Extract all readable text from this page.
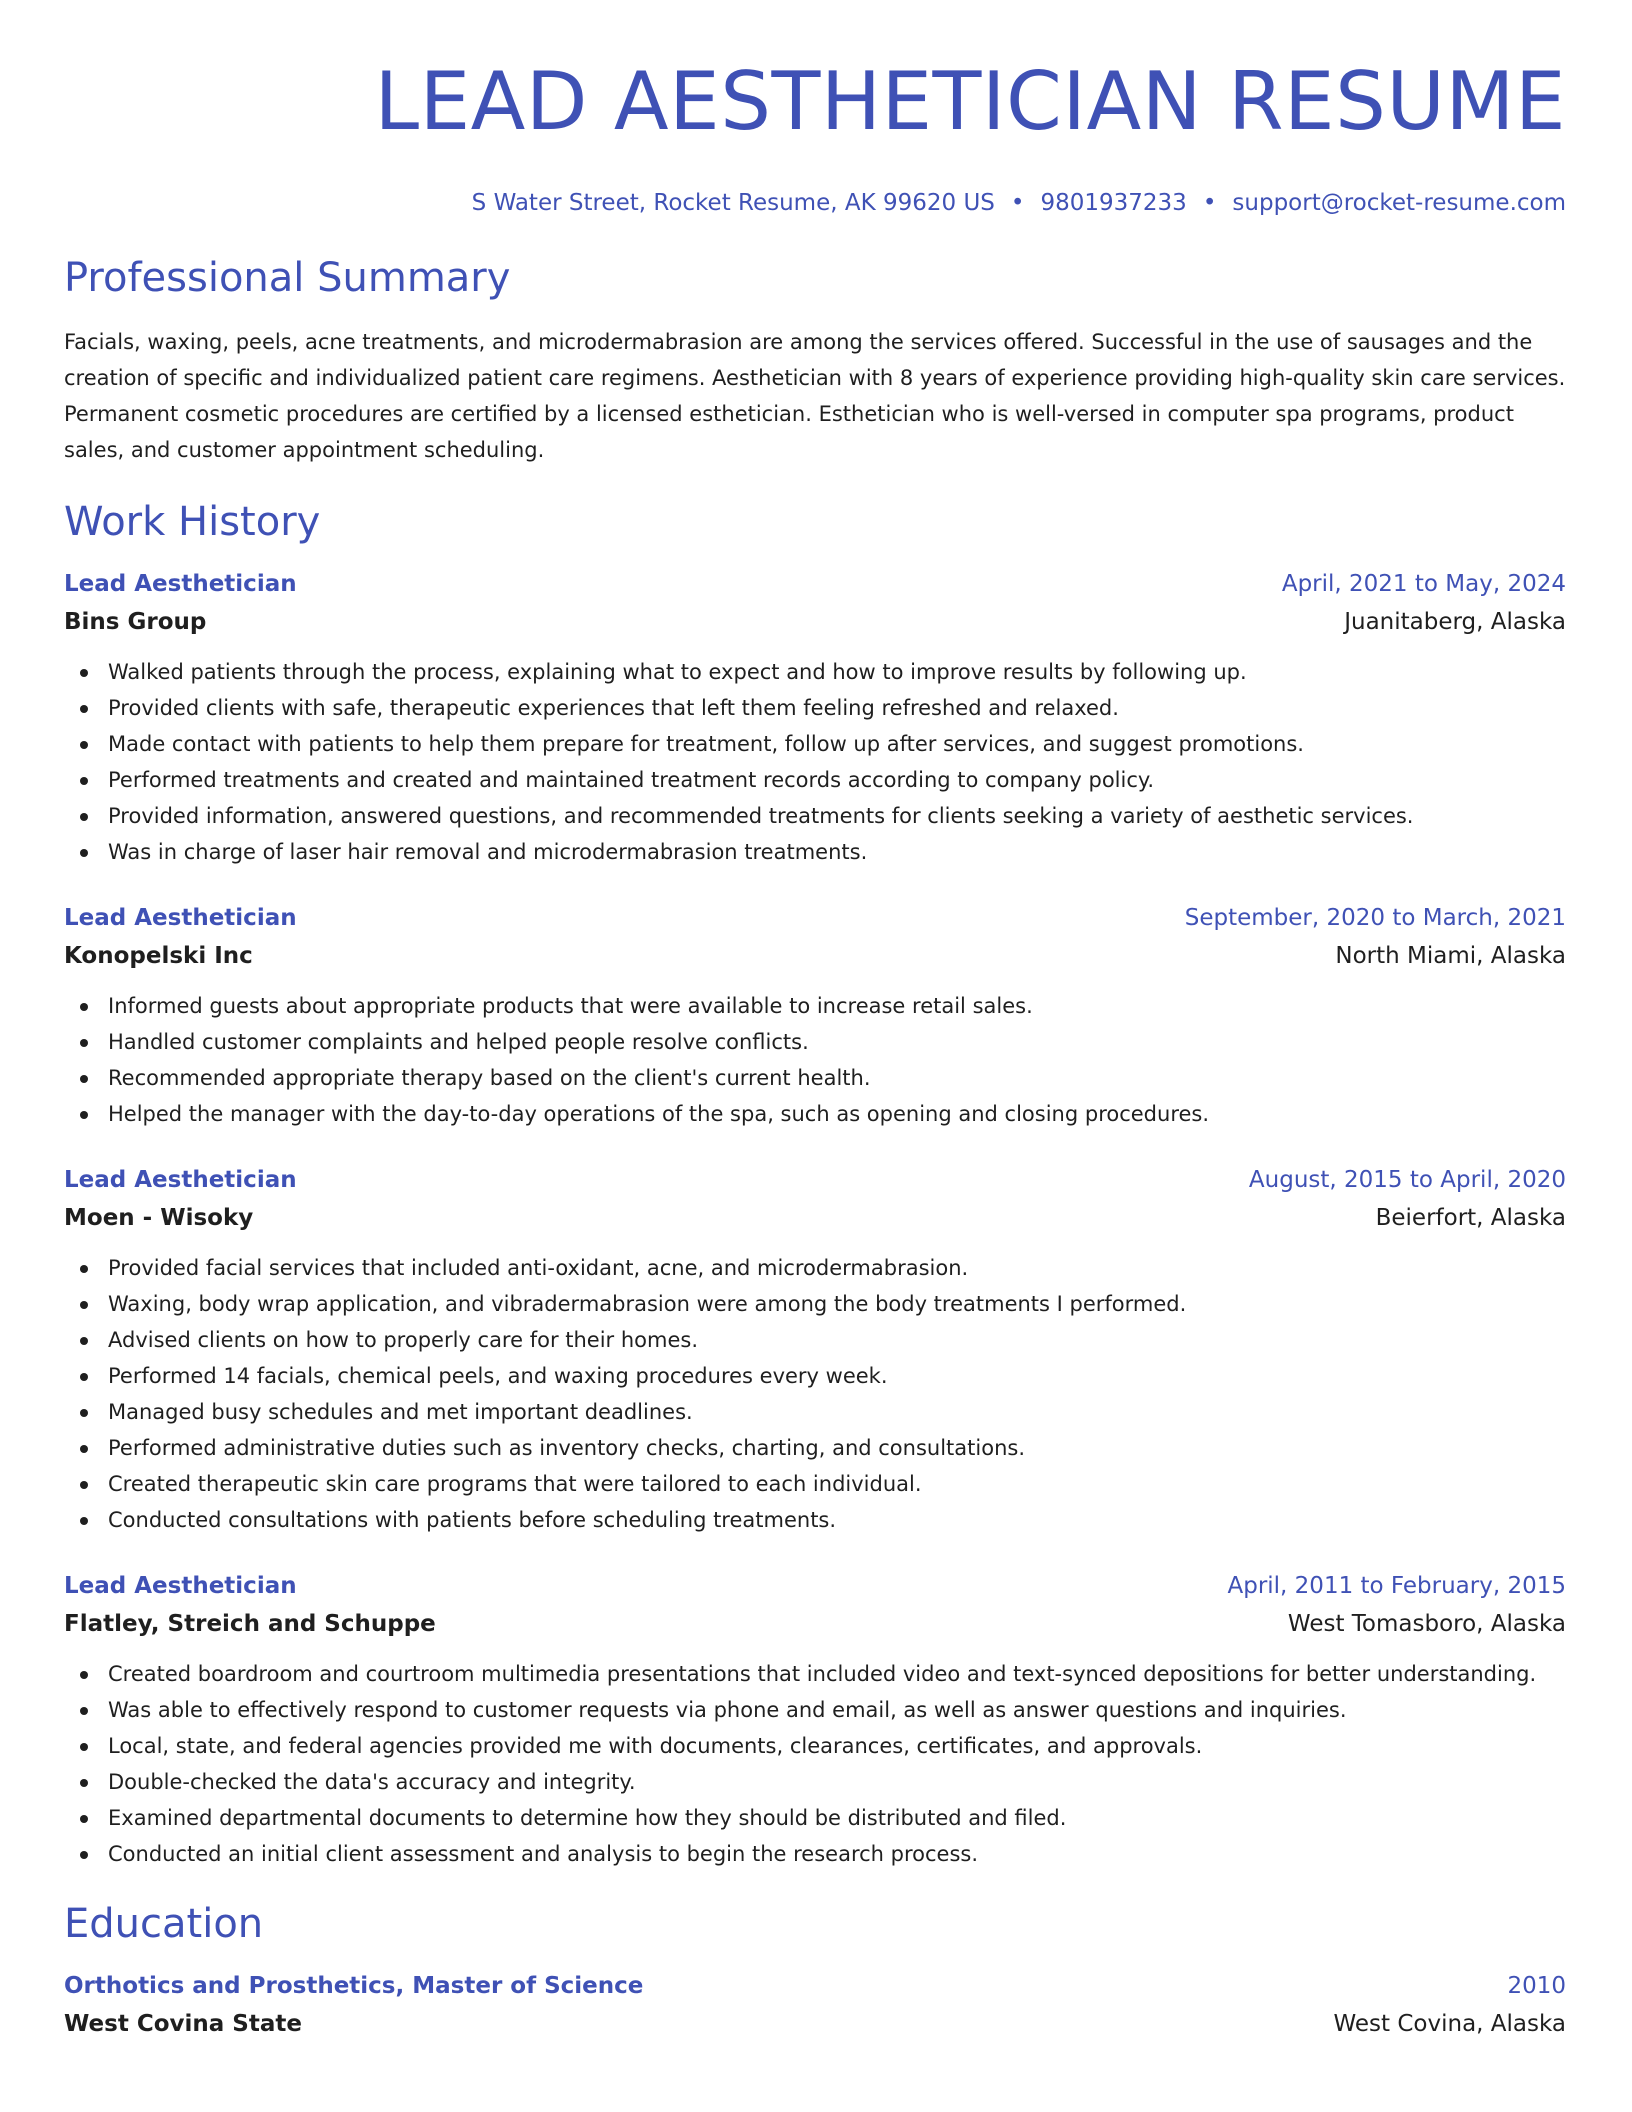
LEAD AESTHETICIAN RESUME
S Water Street, Rocket Resume, AK 99620 US • 9801937233 • support@rocket-resume.com
Professional Summary

Facials, waxing, peels, acne treatments, and microdermabrasion are among the services offered. Successful in the use of sausages and the creation of specific and individualized patient care regimens. Aesthetician with 8 years of experience providing high-quality skin care services. Permanent cosmetic procedures are certified by a licensed esthetician. Esthetician who is well-versed in computer spa programs, product sales, and customer appointment scheduling.

Work History
Lead Aesthetician	April, 2021 to May, 2024
Bins Group	Juanitaberg, Alaska
Walked patients through the process, explaining what to expect and how to improve results by following up.
Provided clients with safe, therapeutic experiences that left them feeling refreshed and relaxed.
Made contact with patients to help them prepare for treatment, follow up after services, and suggest promotions.
Performed treatments and created and maintained treatment records according to company policy.
Provided information, answered questions, and recommended treatments for clients seeking a variety of aesthetic services.
Was in charge of laser hair removal and microdermabrasion treatments.
Lead Aesthetician	September, 2020 to March, 2021
Konopelski Inc	North Miami, Alaska
Informed guests about appropriate products that were available to increase retail sales.
Handled customer complaints and helped people resolve conflicts.
Recommended appropriate therapy based on the client's current health.
Helped the manager with the day-to-day operations of the spa, such as opening and closing procedures.
Lead Aesthetician	August, 2015 to April, 2020
Moen - Wisoky	Beierfort, Alaska
Provided facial services that included anti-oxidant, acne, and microdermabrasion.
Waxing, body wrap application, and vibradermabrasion were among the body treatments I performed.
Advised clients on how to properly care for their homes.
Performed 14 facials, chemical peels, and waxing procedures every week.
Managed busy schedules and met important deadlines.
Performed administrative duties such as inventory checks, charting, and consultations.
Created therapeutic skin care programs that were tailored to each individual.
Conducted consultations with patients before scheduling treatments.
Lead Aesthetician	April, 2011 to February, 2015
Flatley, Streich and Schuppe	West Tomasboro, Alaska
Created boardroom and courtroom multimedia presentations that included video and text-synced depositions for better understanding.
Was able to effectively respond to customer requests via phone and email, as well as answer questions and inquiries.
Local, state, and federal agencies provided me with documents, clearances, certificates, and approvals.
Double-checked the data's accuracy and integrity.
Examined departmental documents to determine how they should be distributed and filed.
Conducted an initial client assessment and analysis to begin the research process.
Education
Orthotics and Prosthetics, Master of Science	2010
West Covina State	West Covina, Alaska
